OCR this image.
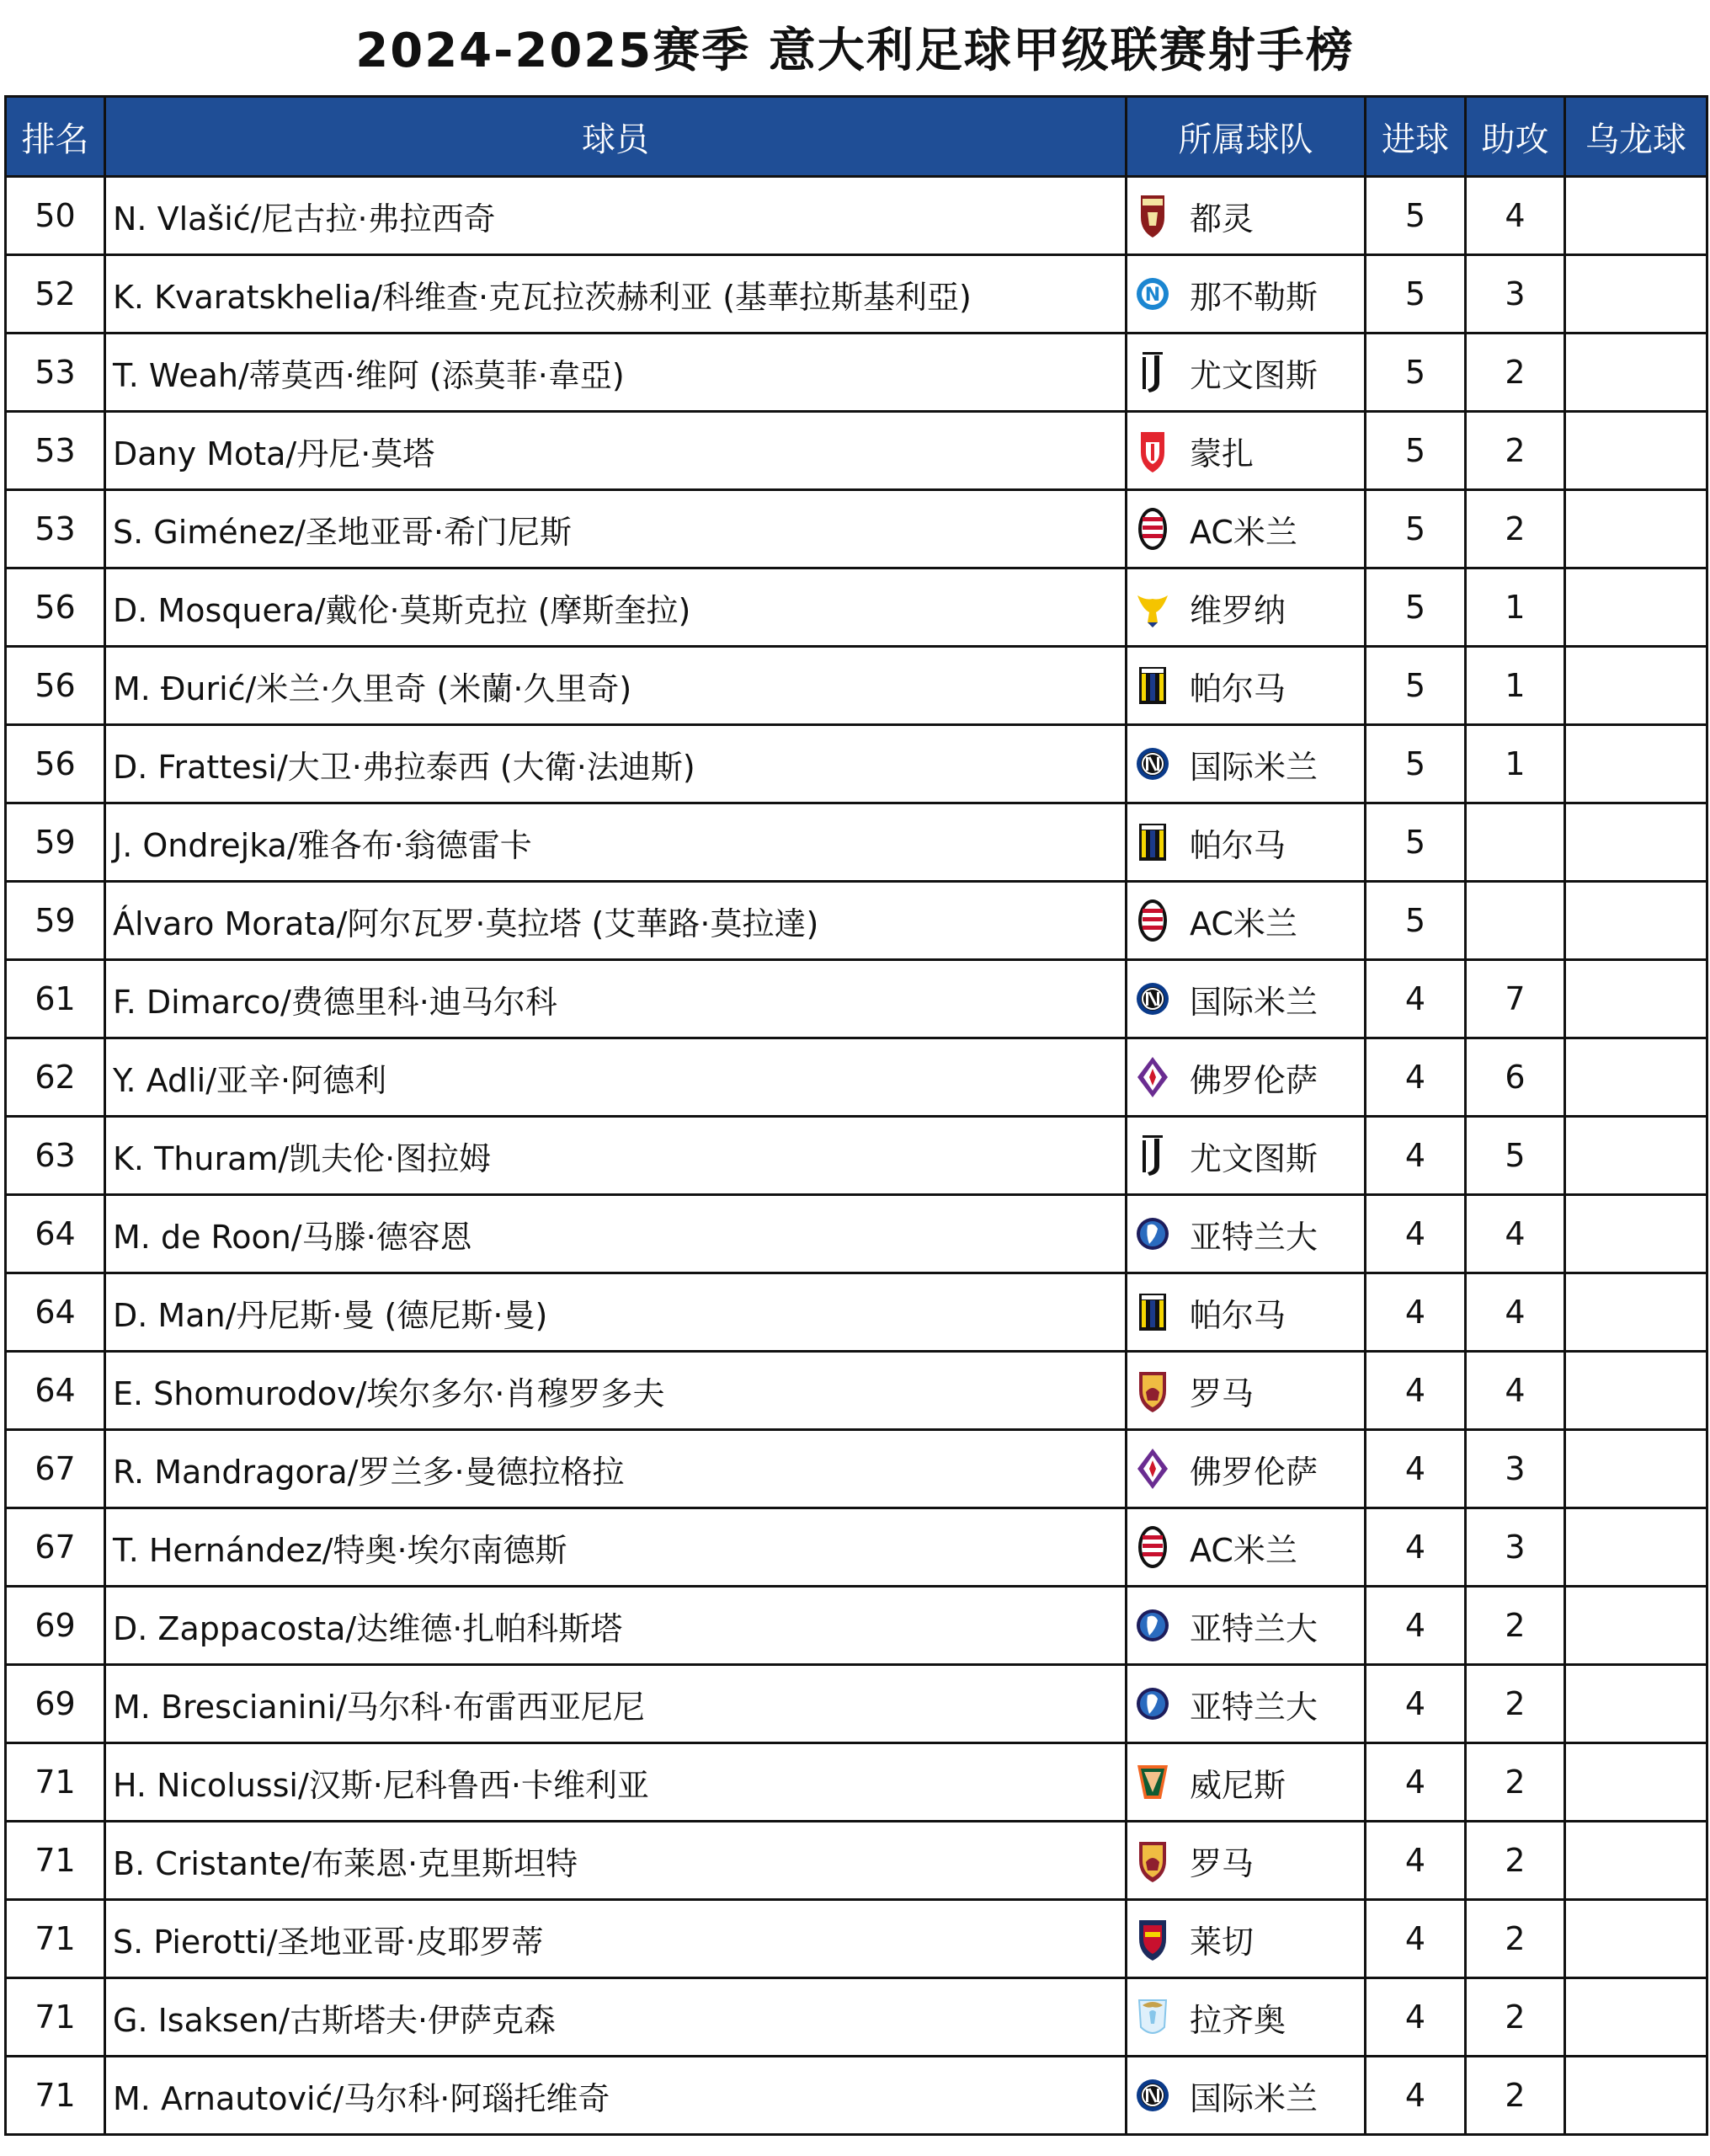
2024-2025赛季 意大利足球甲级联赛射手榜
排名	球员	所属球队	进球	助攻	乌龙球
50	N. Vlašić/尼古拉·弗拉西奇	都灵	5	4	
52	K. Kvaratskhelia/科维查·克瓦拉茨赫利亚 (基華拉斯基利亞)	N 那不勒斯	5	3	
53	T. Weah/蒂莫西·维阿 (添莫菲·韋亞)	尤文图斯	5	2	
53	Dany Mota/丹尼·莫塔	蒙扎	5	2	
53	S. Giménez/圣地亚哥·希门尼斯	AC米兰	5	2	
56	D. Mosquera/戴伦·莫斯克拉 (摩斯奎拉)	维罗纳	5	1	
56	M. Đurić/米兰·久里奇 (米蘭·久里奇)	帕尔马	5	1	
56	D. Frattesi/大卫·弗拉泰西 (大衛·法迪斯)	国际米兰	5	1	
59	J. Ondrejka/雅各布·翁德雷卡	帕尔马	5		
59	Álvaro Morata/阿尔瓦罗·莫拉塔 (艾華路·莫拉達)	AC米兰	5		
61	F. Dimarco/费德里科·迪马尔科	国际米兰	4	7	
62	Y. Adli/亚辛·阿德利	佛罗伦萨	4	6	
63	K. Thuram/凯夫伦·图拉姆	尤文图斯	4	5	
64	M. de Roon/马滕·德容恩	亚特兰大	4	4	
64	D. Man/丹尼斯·曼 (德尼斯·曼)	帕尔马	4	4	
64	E. Shomurodov/埃尔多尔·肖穆罗多夫	罗马	4	4	
67	R. Mandragora/罗兰多·曼德拉格拉	佛罗伦萨	4	3	
67	T. Hernández/特奥·埃尔南德斯	AC米兰	4	3	
69	D. Zappacosta/达维德·扎帕科斯塔	亚特兰大	4	2	
69	M. Brescianini/马尔科·布雷西亚尼尼	亚特兰大	4	2	
71	H. Nicolussi/汉斯·尼科鲁西·卡维利亚	威尼斯	4	2	
71	B. Cristante/布莱恩·克里斯坦特	罗马	4	2	
71	S. Pierotti/圣地亚哥·皮耶罗蒂	莱切	4	2	
71	G. Isaksen/古斯塔夫·伊萨克森	拉齐奥	4	2	
71	M. Arnautović/马尔科·阿瑙托维奇	国际米兰	4	2	
